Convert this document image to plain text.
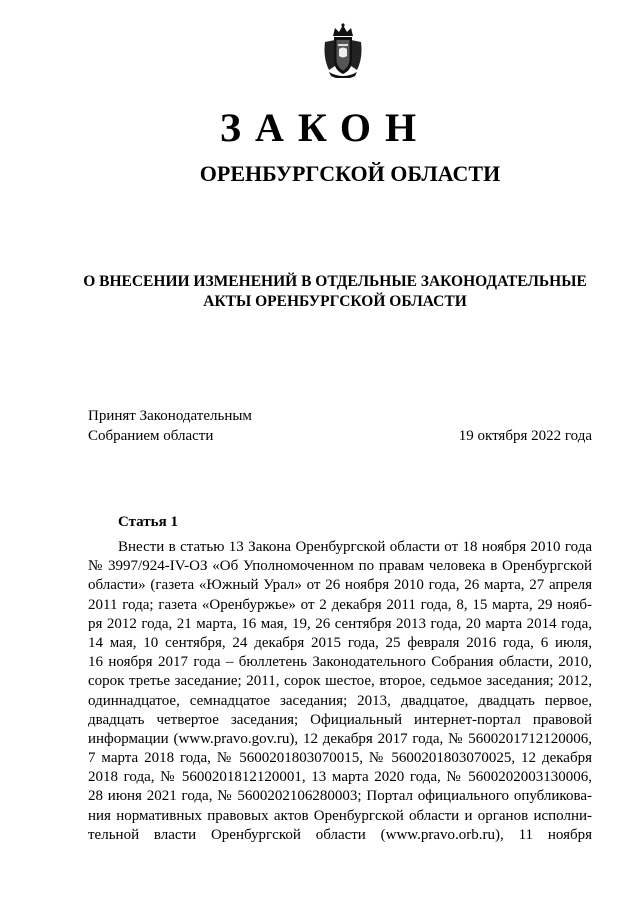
ЗАКОН
ОРЕНБУРГСКОЙ ОБЛАСТИ
О ВНЕСЕНИИ ИЗМЕНЕНИЙ В ОТДЕЛЬНЫЕ ЗАКОНОДАТЕЛЬНЫЕ
АКТЫ ОРЕНБУРГСКОЙ ОБЛАСТИ
Принят Законодательным
Собранием области	19 октября 2022 года
Статья 1
Внести в статью 13 Закона Оренбургской области от 18 ноября 2010 года
№ 3997/924-IV-ОЗ «Об Уполномоченном по правам человека в Оренбургской
области» (газета «Южный Урал» от 26 ноября 2010 года, 26 марта, 27 апреля
2011 года; газета «Оренбуржье» от 2 декабря 2011 года, 8, 15 марта, 29 нояб-
ря 2012 года, 21 марта, 16 мая, 19, 26 сентября 2013 года, 20 марта 2014 года,
14 мая, 10 сентября, 24 декабря 2015 года, 25 февраля 2016 года, 6 июля,
16 ноября 2017 года – бюллетень Законодательного Собрания области, 2010,
сорок третье заседание; 2011, сорок шестое, второе, седьмое заседания; 2012,
одиннадцатое, семнадцатое заседания; 2013, двадцатое, двадцать первое,
двадцать четвертое заседания; Официальный интернет-портал правовой
информации (www.pravo.gov.ru), 12 декабря 2017 года, № 5600201712120006,
7 марта 2018 года, № 5600201803070015, № 5600201803070025, 12 декабря
2018 года, № 5600201812120001, 13 марта 2020 года, № 5600202003130006,
28 июня 2021 года, № 5600202106280003; Портал официального опубликова-
ния нормативных правовых актов Оренбургской области и органов исполни-
тельной власти Оренбургской области (www.pravo.orb.ru), 11 ноября
